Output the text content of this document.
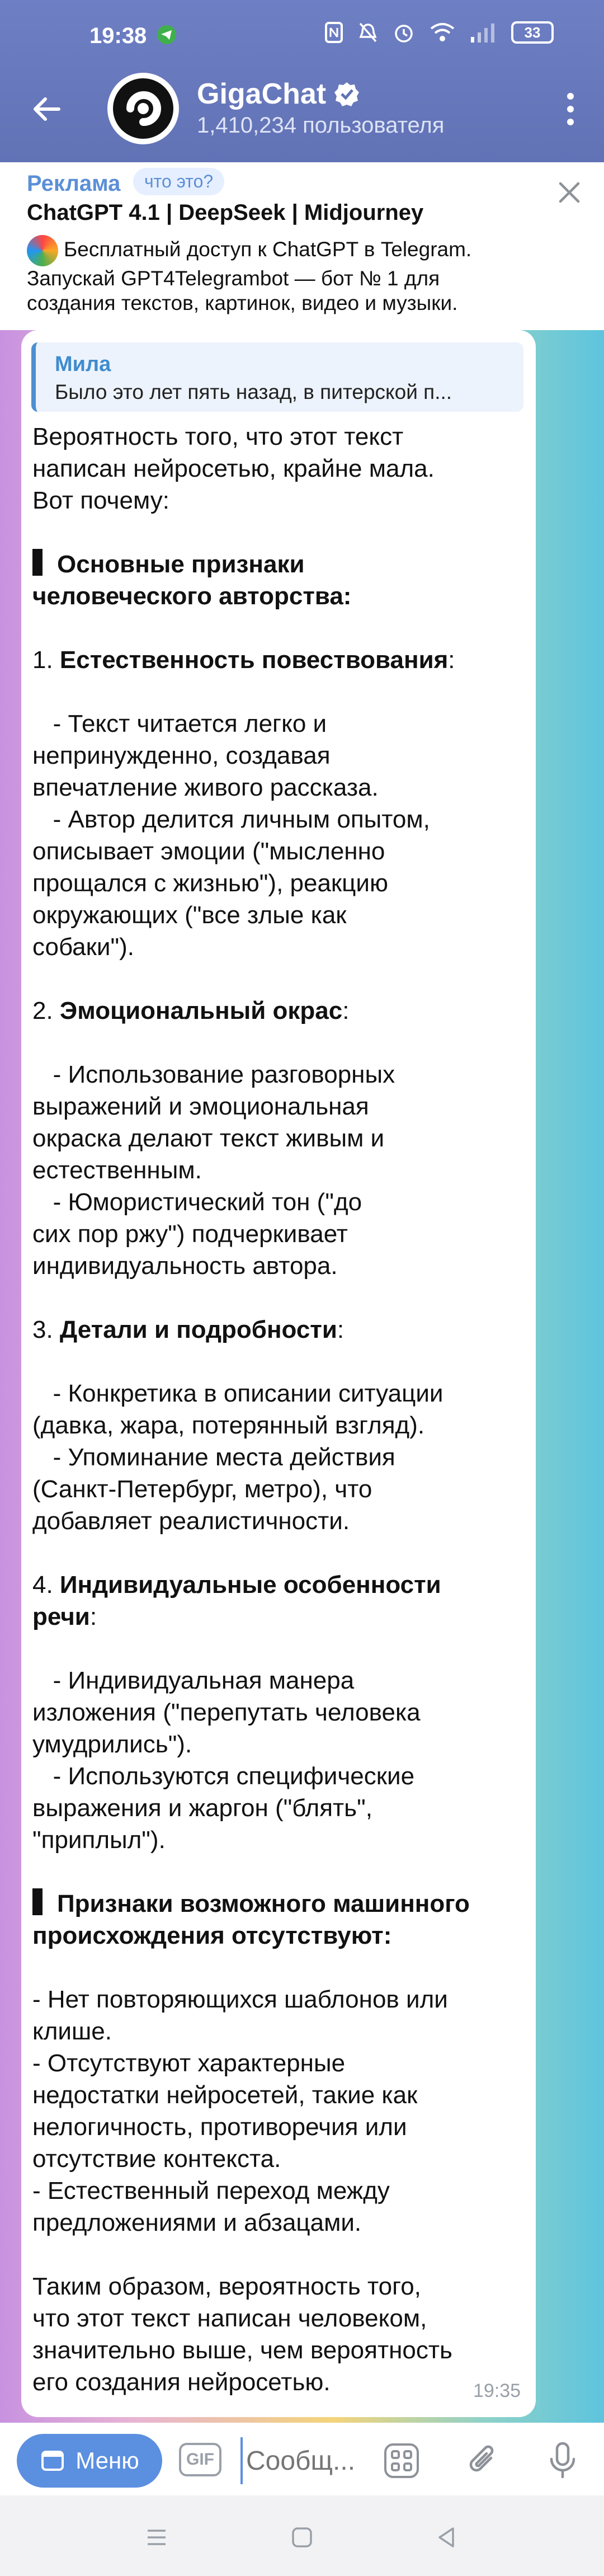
19:38	33
GigaChat
1,410,234 пользователя
Реклама	что это?
ChatGPT 4.1 | DeepSeek | Midjourney
Бесплатный доступ к ChatGPT в Telegram.
Запускай GPT4Telegrambot — бот № 1 для
создания текстов, картинок, видео и музыки.
Мила
Было это лет пять назад, в питерской п...

Вероятность того, что этот текст

написан нейросетью, крайне мала.

Вот почему:

Основные признаки

человеческого авторства:

1. Естественность повествования:

- Текст читается легко и

непринужденно, создавая

впечатление живого рассказа.

- Автор делится личным опытом,

описывает эмоции ("мысленно

прощался с жизнью"), реакцию

окружающих ("все злые как

собаки").

2. Эмоциональный окрас:

- Использование разговорных

выражений и эмоциональная

окраска делают текст живым и

естественным.

- Юмористический тон ("до

сих пор ржу") подчеркивает

индивидуальность автора.

3. Детали и подробности:

- Конкретика в описании ситуации

(давка, жара, потерянный взгляд).

- Упоминание места действия

(Санкт-Петербург, метро), что

добавляет реалистичности.

4. Индивидуальные особенности

речи:

- Индивидуальная манера

изложения ("перепутать человека

умудрились").

- Используются специфические

выражения и жаргон ("блять",

"приплыл").

Признаки возможного машинного

происхождения отсутствуют:

- Нет повторяющихся шаблонов или

клише.

- Отсутствуют характерные

недостатки нейросетей, такие как

нелогичность, противоречия или

отсутствие контекста.

- Естественный переход между

предложениями и абзацами.

Таким образом, вероятность того,

что этот текст написан человеком,

значительно выше, чем вероятность

его создания нейросетью.	19:35
Меню	GIF
Сообщ...
